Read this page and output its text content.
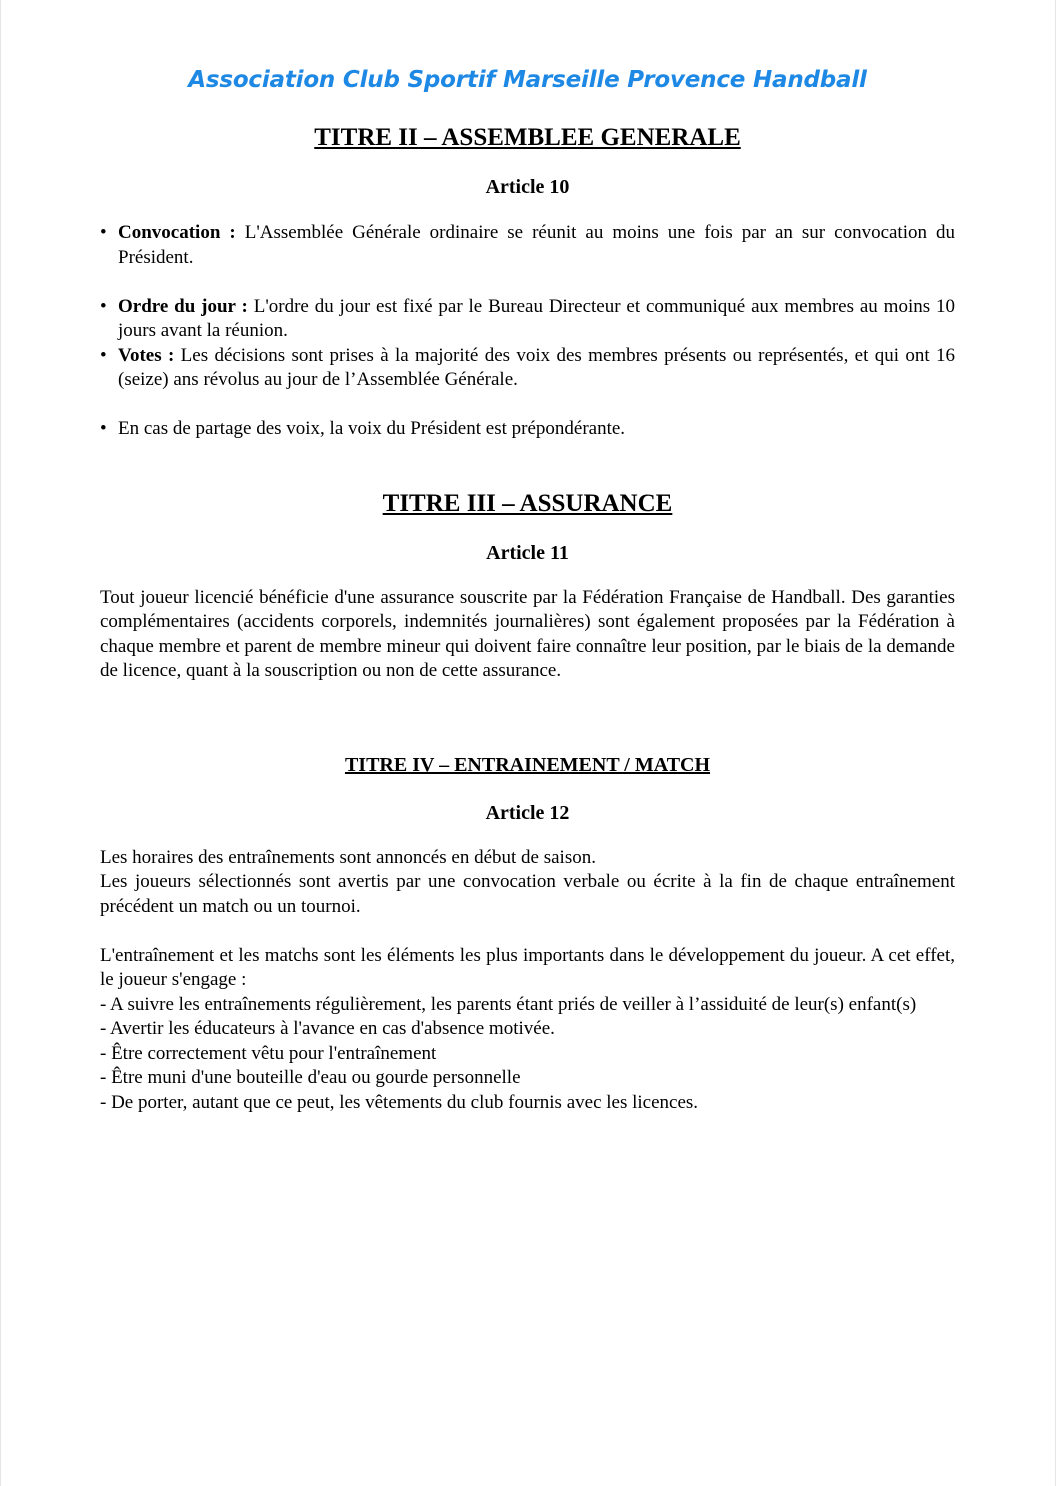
Association Club Sportif Marseille Provence Handball
TITRE II – ASSEMBLEE GENERALE
Article 10
• Convocation : L'Assemblée Générale ordinaire se réunit au moins une fois par an sur convocation du Président.
• Ordre du jour : L'ordre du jour est fixé par le Bureau Directeur et communiqué aux membres au moins 10 jours avant la réunion.
• Votes : Les décisions sont prises à la majorité des voix des membres présents ou représentés, et qui ont 16 (seize) ans révolus au jour de l’Assemblée Générale.
• En cas de partage des voix, la voix du Président est prépondérante.
TITRE III – ASSURANCE
Article 11

Tout joueur licencié bénéficie d'une assurance souscrite par la Fédération Française de Handball. Des garanties complémentaires (accidents corporels, indemnités journalières) sont également proposées par la Fédération à chaque membre et parent de membre mineur qui doivent faire connaître leur position, par le biais de la demande de licence, quant à la souscription ou non de cette assurance.

TITRE IV – ENTRAINEMENT / MATCH
Article 12
Les horaires des entraînements sont annoncés en début de saison.
Les joueurs sélectionnés sont avertis par une convocation verbale ou écrite à la fin de chaque entraînement précédent un match ou un tournoi.
L'entraînement et les matchs sont les éléments les plus importants dans le développement du joueur. A cet effet, le joueur s'engage :
- A suivre les entraînements régulièrement, les parents étant priés de veiller à l’assiduité de leur(s) enfant(s)
- Avertir les éducateurs à l'avance en cas d'absence motivée.
- Être correctement vêtu pour l'entraînement
- Être muni d'une bouteille d'eau ou gourde personnelle
- De porter, autant que ce peut, les vêtements du club fournis avec les licences.
